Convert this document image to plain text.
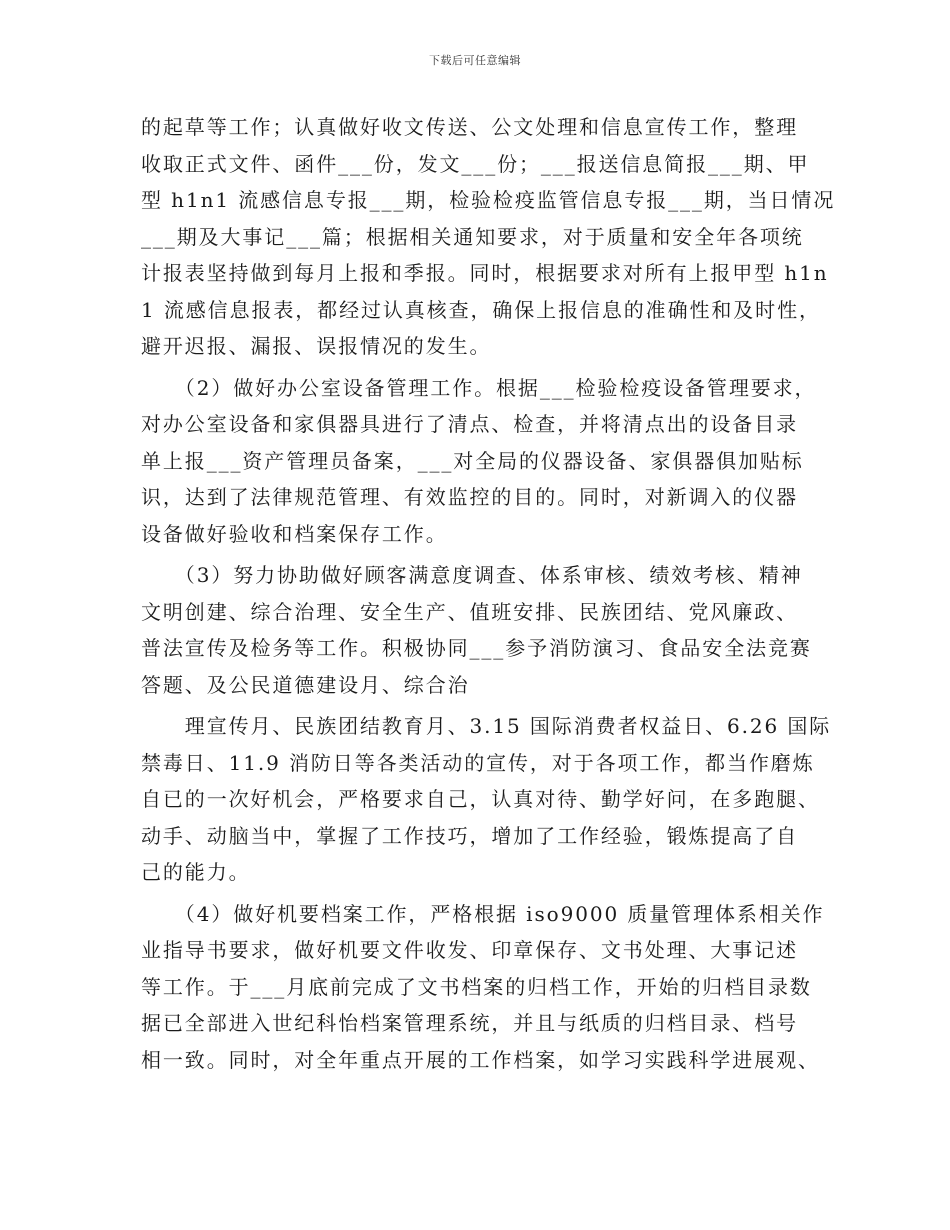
下载后可任意编辑
的起草等工作；认真做好收文传送、公文处理和信息宣传工作，整理
收取正式文件、函件___份，发文___份；___报送信息简报___期、甲
型 h1n1 流感信息专报___期，检验检疫监管信息专报___期，当日情况
___期及大事记___篇；根据相关通知要求，对于质量和安全年各项统
计报表坚持做到每月上报和季报。同时，根据要求对所有上报甲型 h1n
1 流感信息报表，都经过认真核查，确保上报信息的准确性和及时性，
避开迟报、漏报、误报情况的发生。
　　（2）做好办公室设备管理工作。根据___检验检疫设备管理要求，
对办公室设备和家俱器具进行了清点、检查，并将清点出的设备目录
单上报___资产管理员备案，___对全局的仪器设备、家俱器俱加贴标
识，达到了法律规范管理、有效监控的目的。同时，对新调入的仪器
设备做好验收和档案保存工作。
　　（3）努力协助做好顾客满意度调查、体系审核、绩效考核、精神
文明创建、综合治理、安全生产、值班安排、民族团结、党风廉政、
普法宣传及检务等工作。积极协同___参予消防演习、食品安全法竞赛
答题、及公民道德建设月、综合治
　　理宣传月、民族团结教育月、3.15 国际消费者权益日、6.26 国际
禁毒日、11.9 消防日等各类活动的宣传，对于各项工作，都当作磨炼
自已的一次好机会，严格要求自己，认真对待、勤学好问，在多跑腿、
动手、动脑当中，掌握了工作技巧，增加了工作经验，锻炼提高了自
己的能力。
　　（4）做好机要档案工作，严格根据 iso9000 质量管理体系相关作
业指导书要求，做好机要文件收发、印章保存、文书处理、大事记述
等工作。于___月底前完成了文书档案的归档工作，开始的归档目录数
据已全部进入世纪科怡档案管理系统，并且与纸质的归档目录、档号
相一致。同时，对全年重点开展的工作档案，如学习实践科学进展观、
